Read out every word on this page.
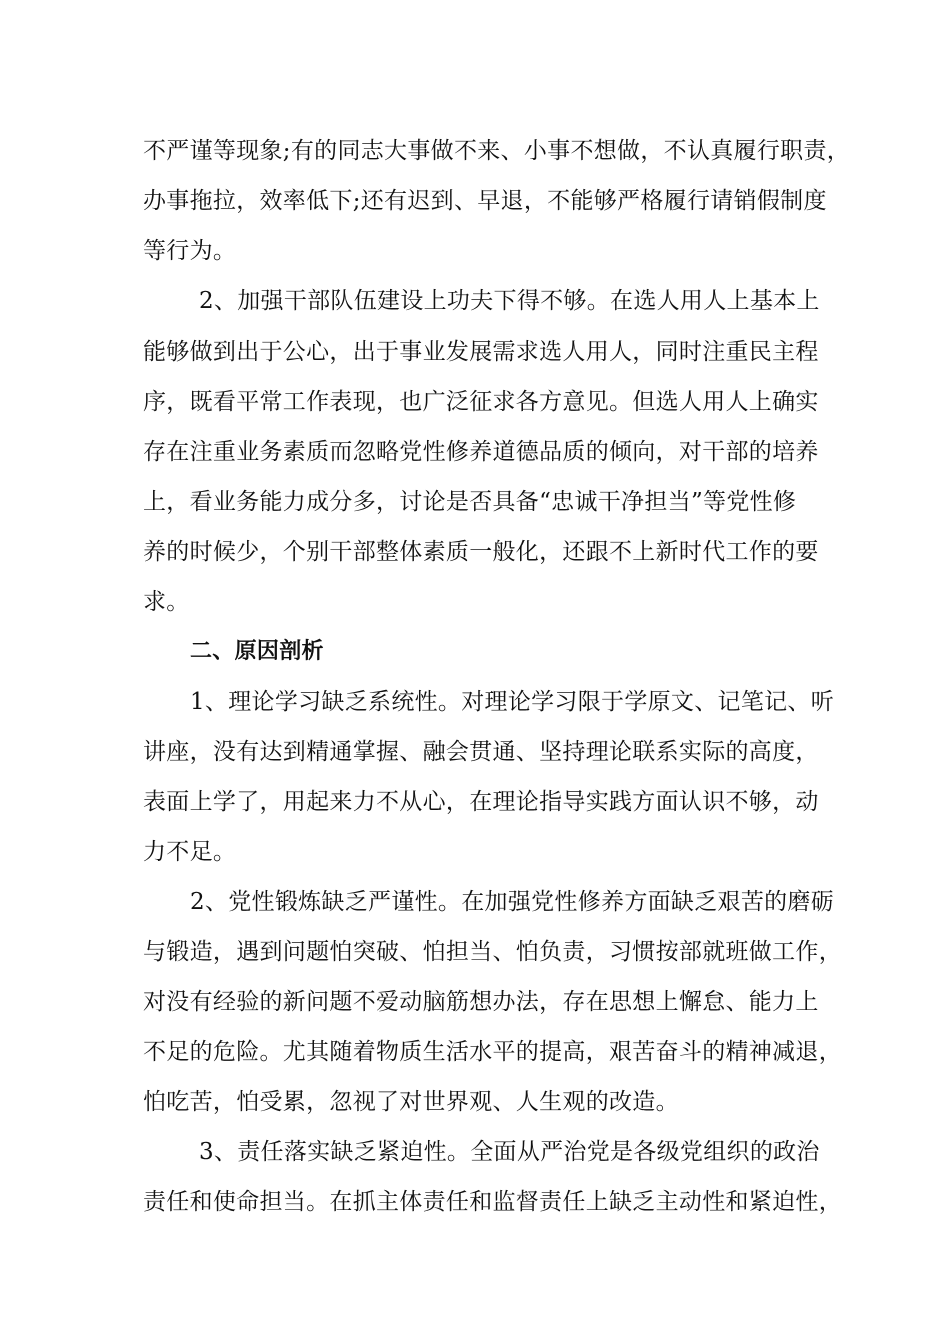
不严谨等现象;有的同志大事做不来、小事不想做，不认真履行职责，
办事拖拉，效率低下;还有迟到、早退，不能够严格履行请销假制度
等行为。
2、加强干部队伍建设上功夫下得不够。在选人用人上基本上
能够做到出于公心，出于事业发展需求选人用人，同时注重民主程
序，既看平常工作表现，也广泛征求各方意见。但选人用人上确实
存在注重业务素质而忽略党性修养道德品质的倾向，对干部的培养
上，看业务能力成分多，讨论是否具备“忠诚干净担当”等党性修
养的时候少，个别干部整体素质一般化，还跟不上新时代工作的要
求。
二、原因剖析
1、理论学习缺乏系统性。对理论学习限于学原文、记笔记、听
讲座，没有达到精通掌握、融会贯通、坚持理论联系实际的高度，
表面上学了，用起来力不从心，在理论指导实践方面认识不够，动
力不足。
2、党性锻炼缺乏严谨性。在加强党性修养方面缺乏艰苦的磨砺
与锻造，遇到问题怕突破、怕担当、怕负责，习惯按部就班做工作，
对没有经验的新问题不爱动脑筋想办法，存在思想上懈怠、能力上
不足的危险。尤其随着物质生活水平的提高，艰苦奋斗的精神减退，
怕吃苦，怕受累，忽视了对世界观、人生观的改造。
3、责任落实缺乏紧迫性。全面从严治党是各级党组织的政治
责任和使命担当。在抓主体责任和监督责任上缺乏主动性和紧迫性，
